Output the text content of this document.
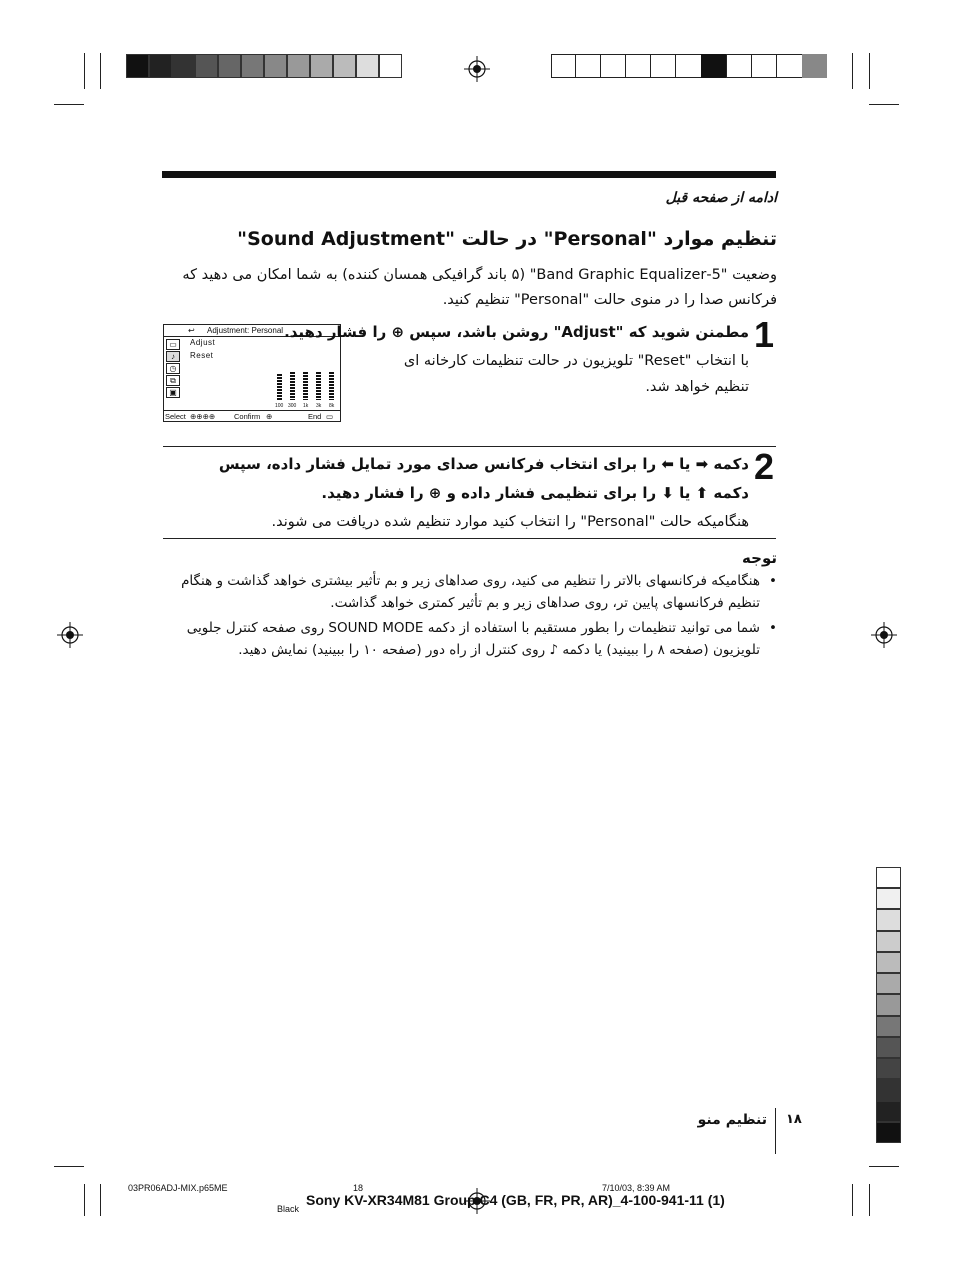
ادامه از صفحه قبل
تنظیم موارد "Personal" در حالت "Sound Adjustment"
وضعیت "5-Band Graphic Equalizer" (۵ باند گرافیکی همسان کننده) به شما امکان می دهید که فرکانس صدا را در منوی حالت "Personal" تنظیم کنید.
↩ Adjustment: Personal
Adjust
Reset
▭
♪
◷
⧉
▣
100 300 1k 3k 8k
Select ⊕⊕⊕⊕	Confirm ⊕	End ▭
1
مطمنن شوید که "Adjust" روشن باشد، سپس ⊕ را فشار دهید.
با انتخاب "Reset" تلویزیون در حالت تنظیمات کارخانه ای تنظیم خواهد شد.
2
دکمه ➡ یا ⬅ را برای انتخاب فرکانس صدای مورد تمایل فشار داده، سپس دکمه ⬆ یا ⬇ را برای تنظیمی فشار داده و ⊕ را فشار دهید.
هنگامیکه حالت "Personal" را انتخاب کنید موارد تنظیم شده دریافت می شوند.
توجه
•
هنگامیکه فرکانسهای بالاتر را تنظیم می کنید، روی صداهای زیر و بم تأثیر بیشتری خواهد گذاشت و هنگام تنظیم فرکانسهای پایین تر، روی صداهای زیر و بم تأثیر کمتری خواهد گذاشت.
•
شما می توانید تنظیمات را بطور مستقیم با استفاده از دکمه SOUND MODE روی صفحه کنترل جلویی تلویزیون (صفحه ۸ را ببینید) یا دکمه ♪ روی کنترل از راه دور (صفحه ۱۰ را ببینید) نمایش دهید.
۱۸
تنظیم منو
03PR06ADJ-MIX.p65ME	18	7/10/03, 8:39 AM
Black
Sony KV-XR34M81 Group C4 (GB, FR, PR, AR)_4-100-941-11 (1)
